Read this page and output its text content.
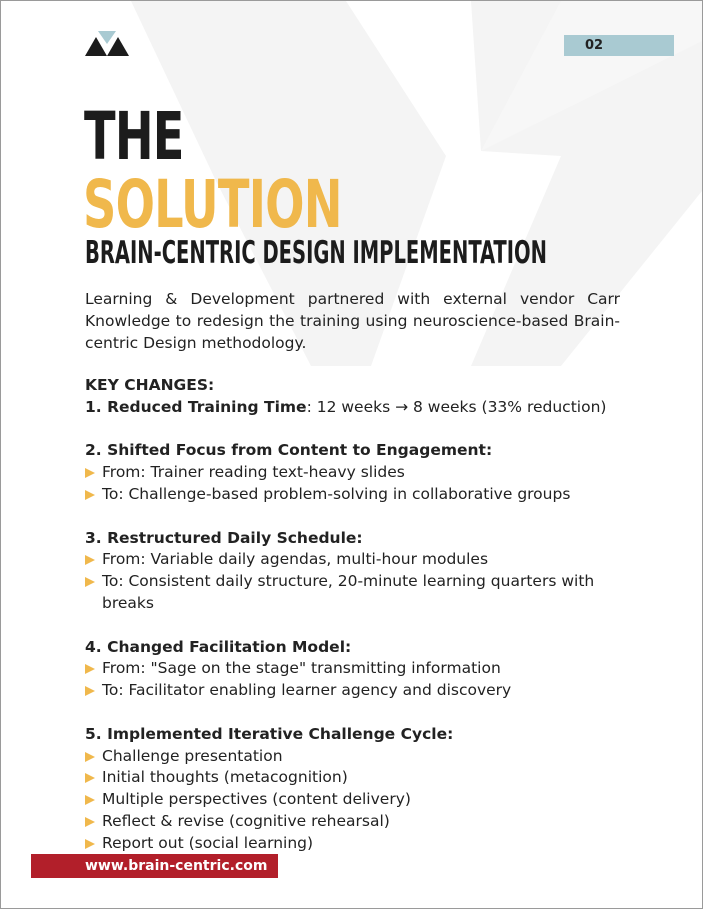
02
THE
SOLUTION
BRAIN-CENTRIC DESIGN IMPLEMENTATION
Learning & Development partnered with external vendor Carr Knowledge to redesign the training using neuroscience-based Brain-centric Design methodology.
KEY CHANGES:
1. Reduced Training Time: 12 weeks → 8 weeks (33% reduction)
2. Shifted Focus from Content to Engagement:
From: Trainer reading text-heavy slides
To: Challenge-based problem-solving in collaborative groups
3. Restructured Daily Schedule:
From: Variable daily agendas, multi-hour modules
To: Consistent daily structure, 20-minute learning quarters with breaks
4. Changed Facilitation Model:
From: "Sage on the stage" transmitting information
To: Facilitator enabling learner agency and discovery
5. Implemented Iterative Challenge Cycle:
Challenge presentation
Initial thoughts (metacognition)
Multiple perspectives (content delivery)
Reflect & revise (cognitive rehearsal)
Report out (social learning)
www.brain-centric.com
